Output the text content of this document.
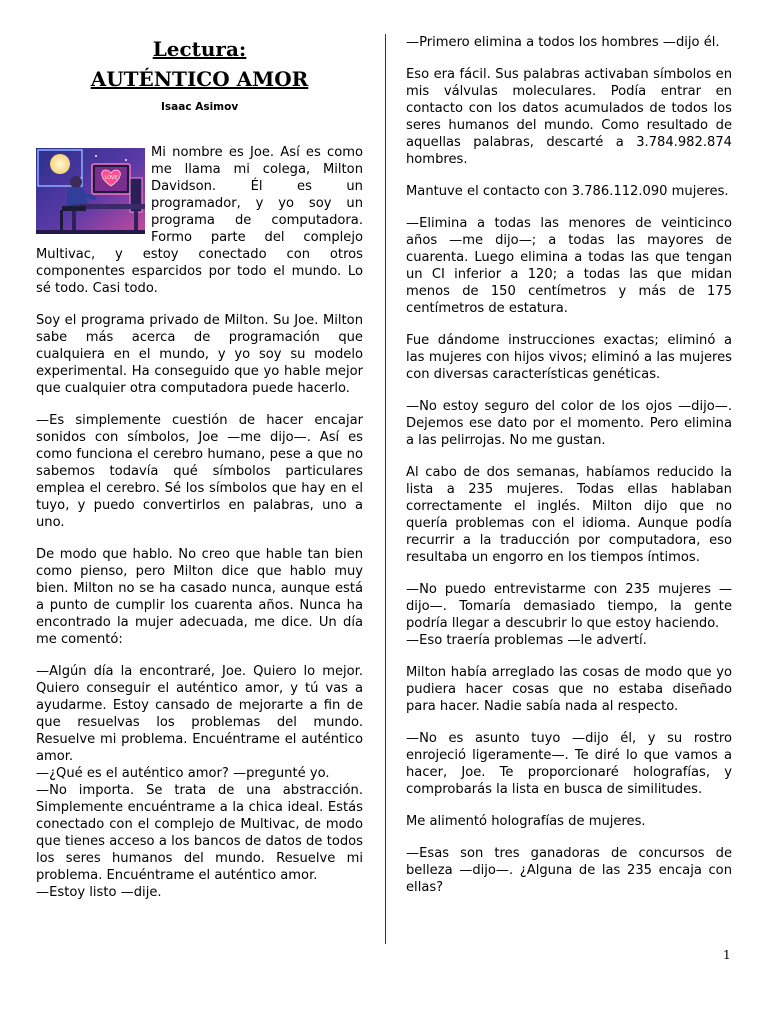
Lectura:
AUTÉNTICO AMOR
Isaac Asimov

LOVE
Mi nombre es Joe. Así es como me llama mi colega, Milton Davidson. Él es un programador, y yo soy un programa de computadora. Formo parte del complejo Multivac, y estoy conectado con otros componentes esparcidos por todo el mundo. Lo sé todo. Casi todo.

Soy el programa privado de Milton. Su Joe. Milton sabe más acerca de programación que cualquiera en el mundo, y yo soy su modelo experimental. Ha conseguido que yo hable mejor que cualquier otra computadora puede hacerlo.

—Es simplemente cuestión de hacer encajar sonidos con símbolos, Joe —me dijo—. Así es como funciona el cerebro humano, pese a que no sabemos todavía qué símbolos particulares emplea el cerebro. Sé los símbolos que hay en el tuyo, y puedo convertirlos en palabras, uno a uno.

De modo que hablo. No creo que hable tan bien como pienso, pero Milton dice que hablo muy bien. Milton no se ha casado nunca, aunque está a punto de cumplir los cuarenta años. Nunca ha encontrado la mujer adecuada, me dice. Un día me comentó:

—Algún día la encontraré, Joe. Quiero lo mejor. Quiero conseguir el auténtico amor, y tú vas a ayudarme. Estoy cansado de mejorarte a fin de que resuelvas los problemas del mundo. Resuelve mi problema. Encuéntrame el auténtico amor.

—¿Qué es el auténtico amor? —pregunté yo.

—No importa. Se trata de una abstracción. Simplemente encuéntrame a la chica ideal. Estás conectado con el complejo de Multivac, de modo que tienes acceso a los bancos de datos de todos los seres humanos del mundo. Resuelve mi problema. Encuéntrame el auténtico amor.

—Estoy listo —dije.

—Primero elimina a todos los hombres —dijo él.

Eso era fácil. Sus palabras activaban símbolos en mis válvulas moleculares. Podía entrar en contacto con los datos acumulados de todos los seres humanos del mundo. Como resultado de aquellas palabras, descarté a 3.784.982.874 hombres.

Mantuve el contacto con 3.786.112.090 mujeres.

—Elimina a todas las menores de veinticinco años —me dijo—; a todas las mayores de cuarenta. Luego elimina a todas las que tengan un CI inferior a 120; a todas las que midan menos de 150 centímetros y más de 175 centímetros de estatura.

Fue dándome instrucciones exactas; eliminó a las mujeres con hijos vivos; eliminó a las mujeres con diversas características genéticas.

—No estoy seguro del color de los ojos —dijo—. Dejemos ese dato por el momento. Pero elimina a las pelirrojas. No me gustan.

Al cabo de dos semanas, habíamos reducido la lista a 235 mujeres. Todas ellas hablaban correctamente el inglés. Milton dijo que no quería problemas con el idioma. Aunque podía recurrir a la traducción por computadora, eso resultaba un engorro en los tiempos íntimos.

—No puedo entrevistarme con 235 mujeres —dijo—. Tomaría demasiado tiempo, la gente podría llegar a descubrir lo que estoy haciendo.

—Eso traería problemas —le advertí.

Milton había arreglado las cosas de modo que yo pudiera hacer cosas que no estaba diseñado para hacer. Nadie sabía nada al respecto.

—No es asunto tuyo —dijo él, y su rostro enrojeció ligeramente—. Te diré lo que vamos a hacer, Joe. Te proporcionaré holografías, y comprobarás la lista en busca de similitudes.

Me alimentó holografías de mujeres.

—Esas son tres ganadoras de concursos de belleza —dijo—. ¿Alguna de las 235 encaja con ellas?

1
